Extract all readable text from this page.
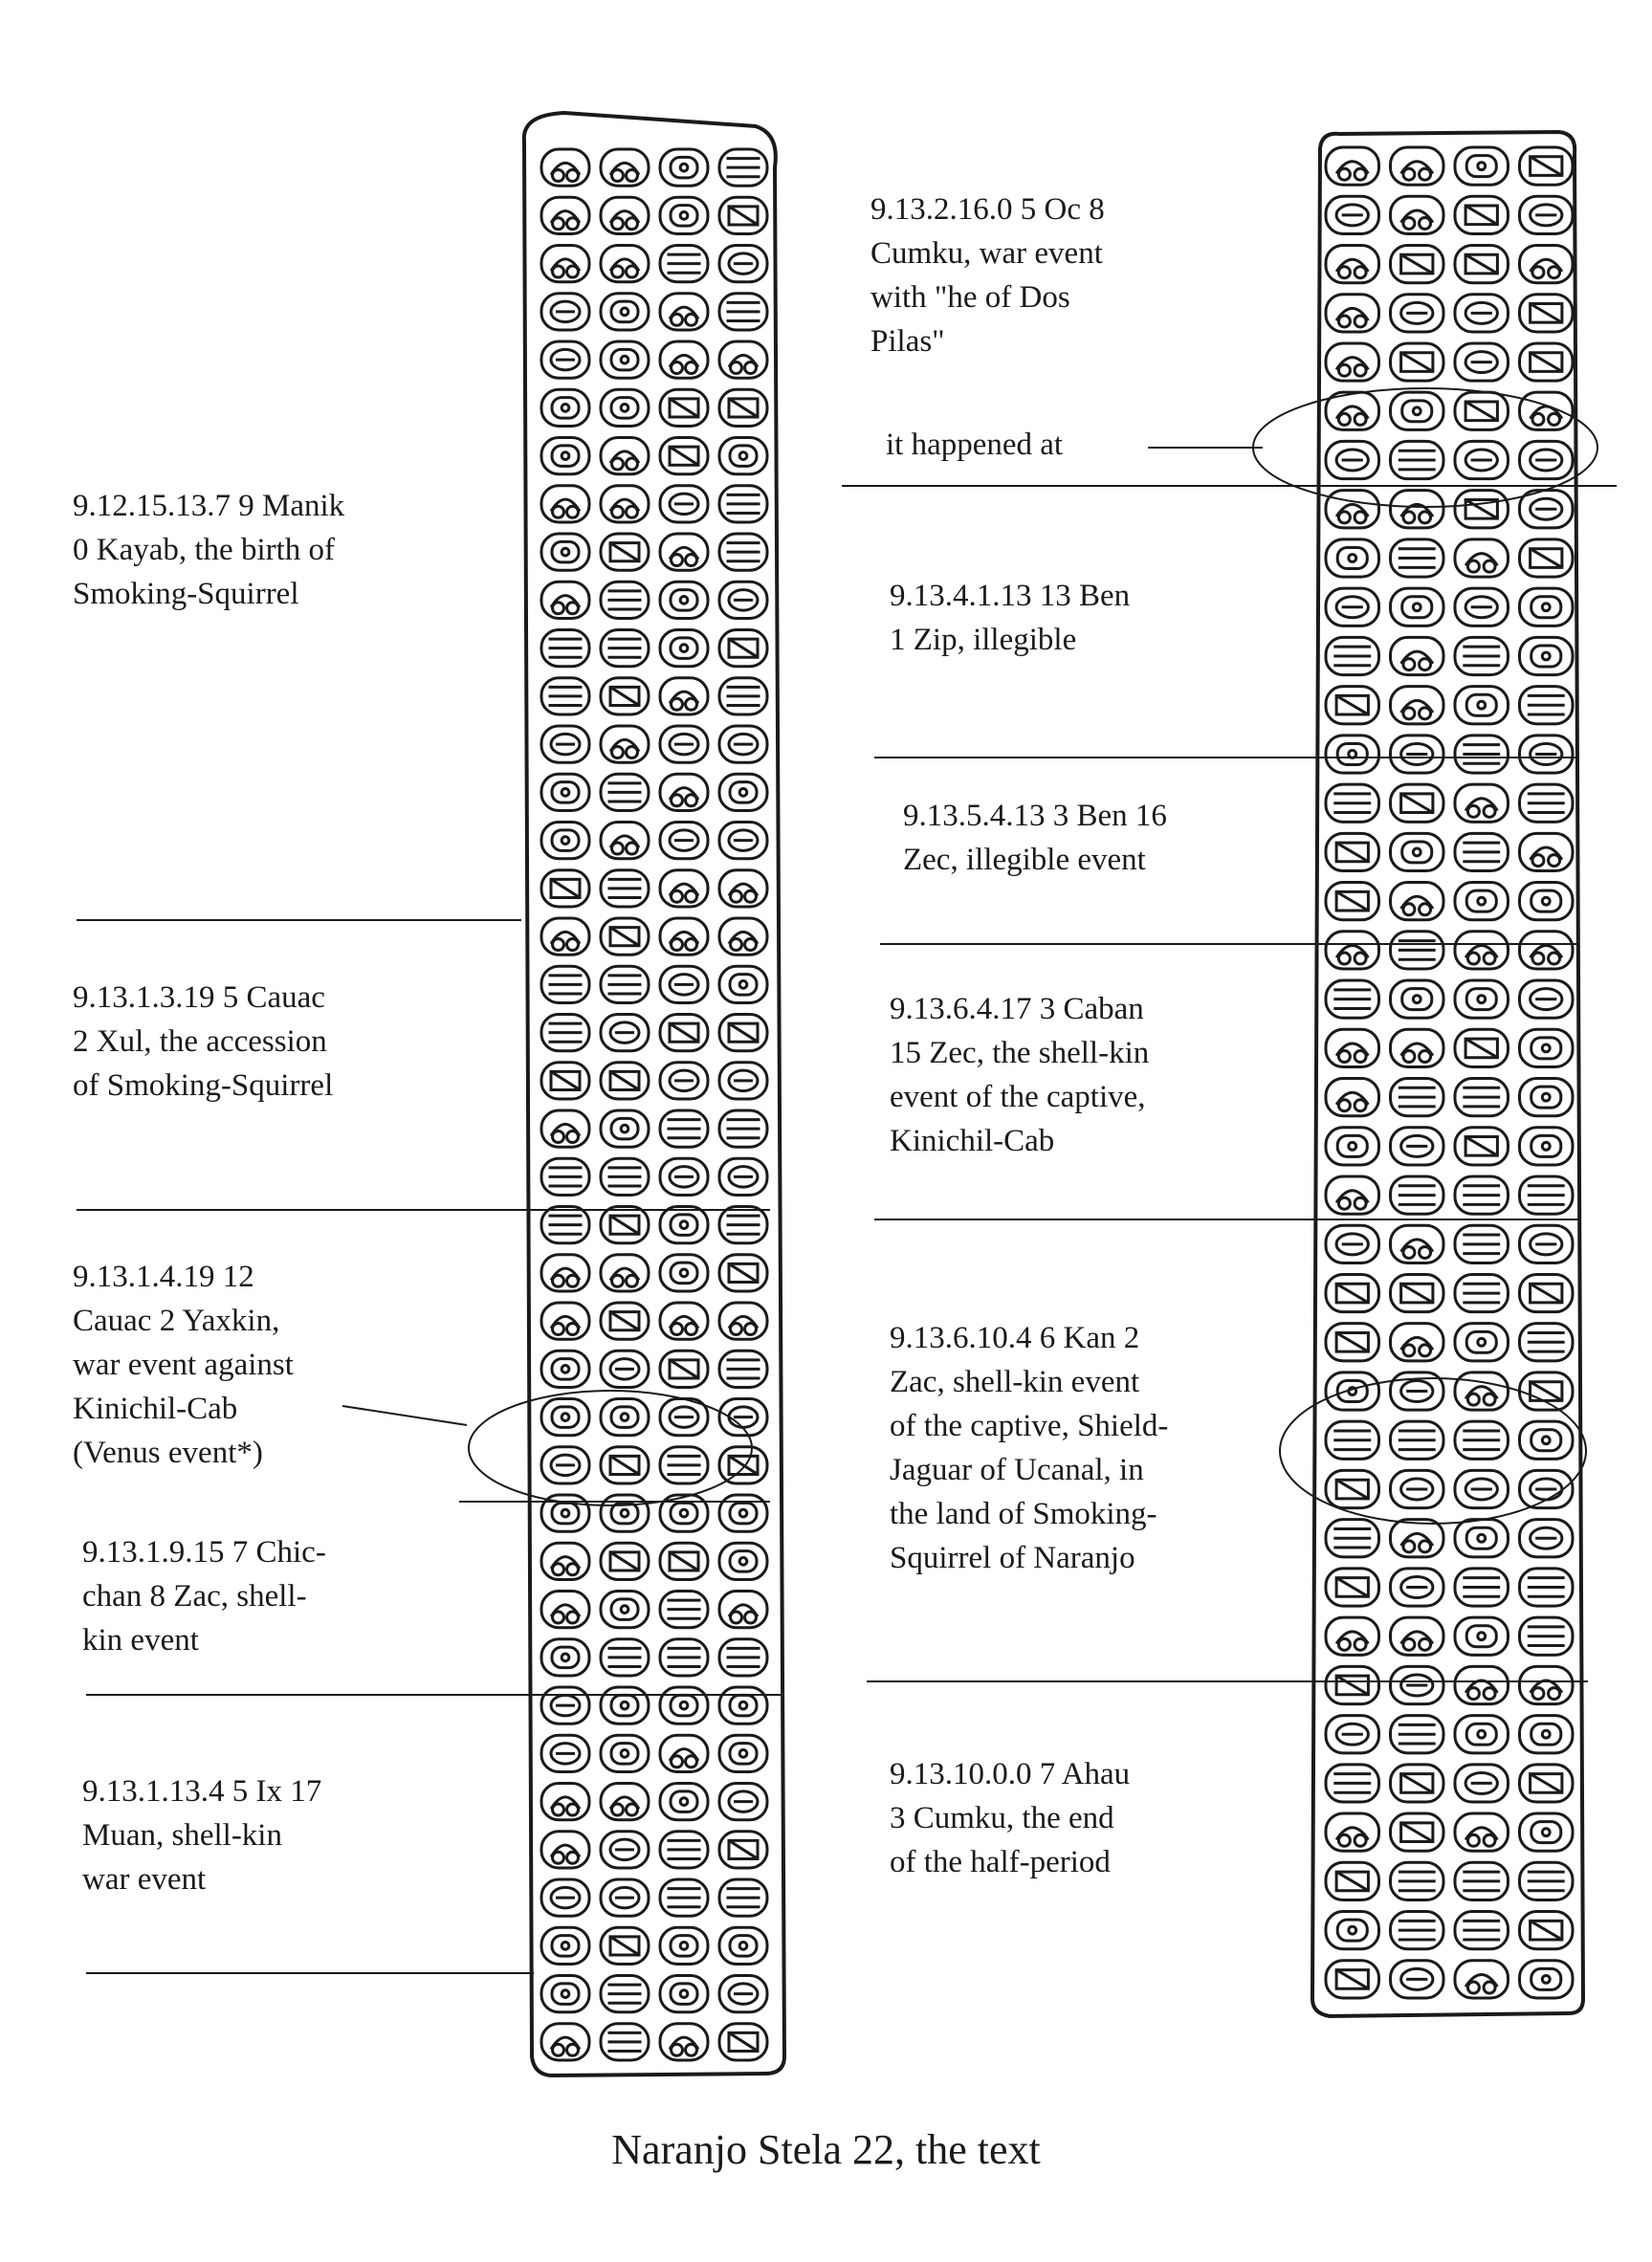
9.12.15.13.7 9 Manik
0 Kayab, the birth of
Smoking-Squirrel
9.13.1.3.19 5 Cauac
2 Xul, the accession
of Smoking-Squirrel
9.13.1.4.19 12
Cauac 2 Yaxkin,
war event against
Kinichil-Cab
(Venus event*)
9.13.1.9.15 7 Chic-
chan 8 Zac, shell-
kin event
9.13.1.13.4 5 Ix 17
Muan, shell-kin
war event
9.13.2.16.0 5 Oc 8
Cumku, war event
with "he of Dos
Pilas"
it happened at
9.13.4.1.13 13 Ben
1 Zip, illegible
9.13.5.4.13 3 Ben 16
Zec, illegible event
9.13.6.4.17 3 Caban
15 Zec, the shell-kin
event of the captive,
Kinichil-Cab
9.13.6.10.4 6 Kan 2
Zac, shell-kin event
of the captive, Shield-
Jaguar of Ucanal, in
the land of Smoking-
Squirrel of Naranjo
9.13.10.0.0 7 Ahau
3 Cumku, the end
of the half-period
Naranjo Stela 22, the text
